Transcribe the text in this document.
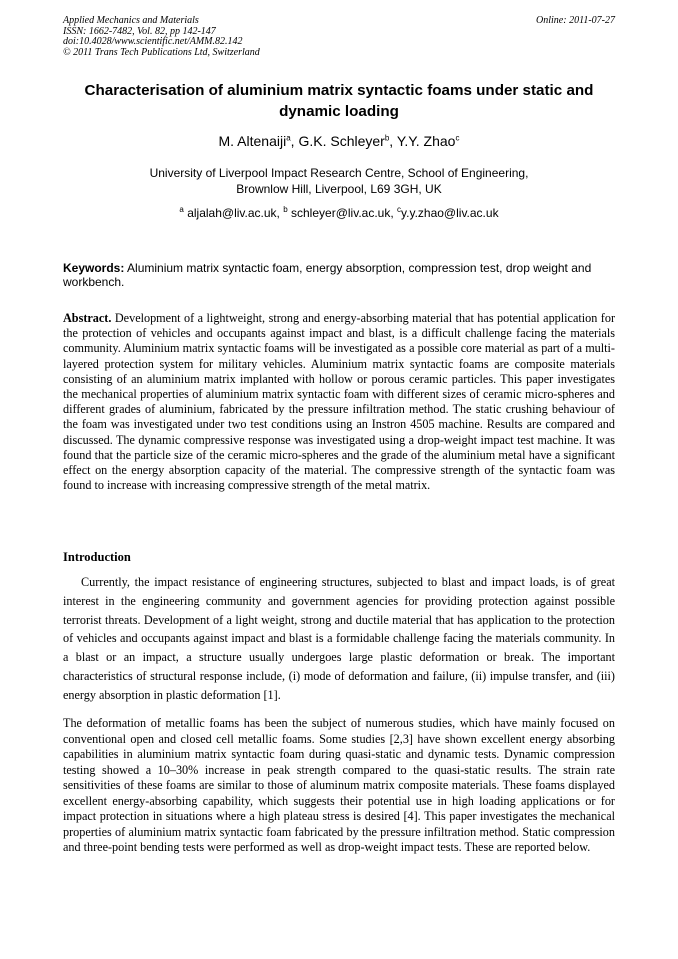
Applied Mechanics and Materials
ISSN: 1662-7482, Vol. 82, pp 142-147
doi:10.4028/www.scientific.net/AMM.82.142
© 2011 Trans Tech Publications Ltd, Switzerland
Online: 2011-07-27
Characterisation of aluminium matrix syntactic foams under static and dynamic loading
M. Altenaiji$^a$, G.K. Schleyer$^b$, Y.Y. Zhao$^c$
University of Liverpool Impact Research Centre, School of Engineering,
Brownlow Hill, Liverpool, L69 3GH, UK
$^a$ aljalah@liv.ac.uk, $^b$ schleyer@liv.ac.uk, $^c$y.y.zhao@liv.ac.uk
Keywords: Aluminium matrix syntactic foam, energy absorption, compression test, drop weight and workbench.
Abstract. Development of a lightweight, strong and energy-absorbing material that has potential application for the protection of vehicles and occupants against impact and blast, is a difficult challenge facing the materials community. Aluminium matrix syntactic foams will be investigated as a possible core material as part of a multi-layered protection system for military vehicles. Aluminium matrix syntactic foams are composite materials consisting of an aluminium matrix implanted with hollow or porous ceramic particles. This paper investigates the mechanical properties of aluminium matrix syntactic foam with different sizes of ceramic micro-spheres and different grades of aluminium, fabricated by the pressure infiltration method. The static crushing behaviour of the foam was investigated under two test conditions using an Instron 4505 machine. Results are compared and discussed. The dynamic compressive response was investigated using a drop-weight impact test machine. It was found that the particle size of the ceramic micro-spheres and the grade of the aluminium metal have a significant effect on the energy absorption capacity of the material. The compressive strength of the syntactic foam was found to increase with increasing compressive strength of the metal matrix.
Introduction
Currently, the impact resistance of engineering structures, subjected to blast and impact loads, is of great interest in the engineering community and government agencies for providing protection against possible terrorist threats. Development of a light weight, strong and ductile material that has application to the protection of vehicles and occupants against impact and blast is a formidable challenge facing the materials community. In a blast or an impact, a structure usually undergoes large plastic deformation or break. The important characteristics of structural response include, (i) mode of deformation and failure, (ii) impulse transfer, and (iii) energy absorption in plastic deformation [1].
The deformation of metallic foams has been the subject of numerous studies, which have mainly focused on conventional open and closed cell metallic foams. Some studies [2,3] have shown excellent energy absorbing capabilities in aluminium matrix syntactic foam during quasi-static and dynamic tests. Dynamic compression testing showed a 10–30% increase in peak strength compared to the quasi-static results. The strain rate sensitivities of these foams are similar to those of aluminum matrix composite materials. These foams displayed excellent energy-absorbing capability, which suggests their potential use in high loading applications or for impact protection in situations where a high plateau stress is desired [4]. This paper investigates the mechanical properties of aluminium matrix syntactic foam fabricated by the pressure infiltration method. Static compression and three-point bending tests were performed as well as drop-weight impact tests. These are reported below.
